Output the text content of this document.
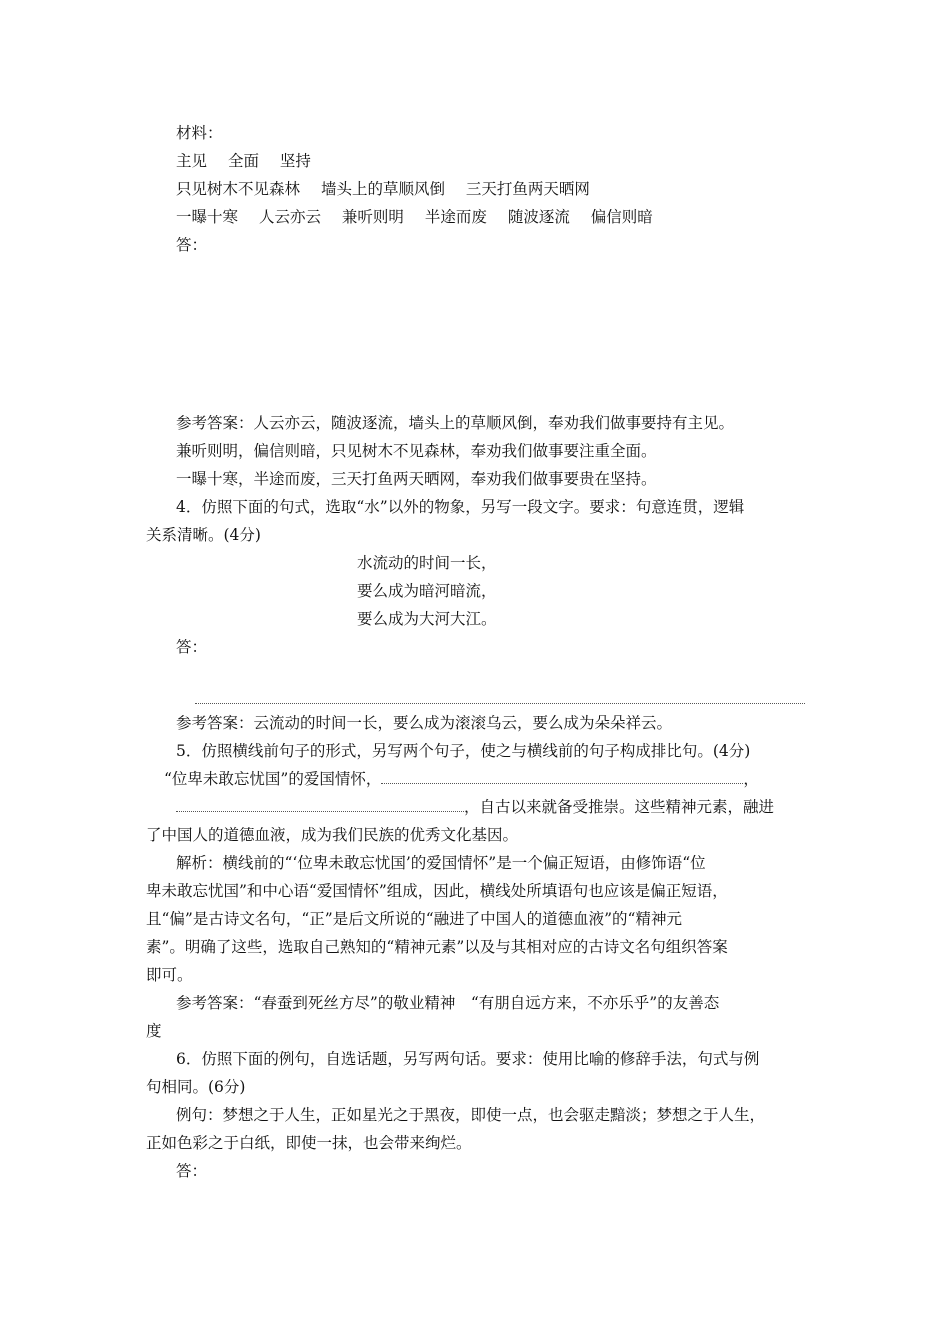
材料：
主见 全面 坚持
只见树木不见森林 墙头上的草顺风倒 三天打鱼两天晒网
一曝十寒 人云亦云 兼听则明 半途而废 随波逐流 偏信则暗
答：
参考答案：人云亦云，随波逐流，墙头上的草顺风倒，奉劝我们做事要持有主见。
兼听则明，偏信则暗，只见树木不见森林，奉劝我们做事要注重全面。
一曝十寒，半途而废，三天打鱼两天晒网，奉劝我们做事要贵在坚持。
4．仿照下面的句式，选取“水”以外的物象，另写一段文字。要求：句意连贯，逻辑
关系清晰。(4分)
水流动的时间一长，
要么成为暗河暗流，
要么成为大河大江。
答：
参考答案：云流动的时间一长，要么成为滚滚乌云，要么成为朵朵祥云。
5．仿照横线前句子的形式，另写两个句子，使之与横线前的句子构成排比句。(4分)
“位卑未敢忘忧国”的爱国情怀，	，
，自古以来就备受推崇。这些精神元素，融进
了中国人的道德血液，成为我们民族的优秀文化基因。
解析：横线前的“‘位卑未敢忘忧国’的爱国情怀”是一个偏正短语，由修饰语“位
卑未敢忘忧国”和中心语“爱国情怀”组成，因此，横线处所填语句也应该是偏正短语，
且“偏”是古诗文名句，“正”是后文所说的“融进了中国人的道德血液”的“精神元
素”。明确了这些，选取自己熟知的“精神元素”以及与其相对应的古诗文名句组织答案
即可。
参考答案：“春蚕到死丝方尽”的敬业精神　“有朋自远方来，不亦乐乎”的友善态
度
6．仿照下面的例句，自选话题，另写两句话。要求：使用比喻的修辞手法，句式与例
句相同。(6分)
例句：梦想之于人生，正如星光之于黑夜，即使一点，也会驱走黯淡；梦想之于人生，
正如色彩之于白纸，即使一抹，也会带来绚烂。
答：
